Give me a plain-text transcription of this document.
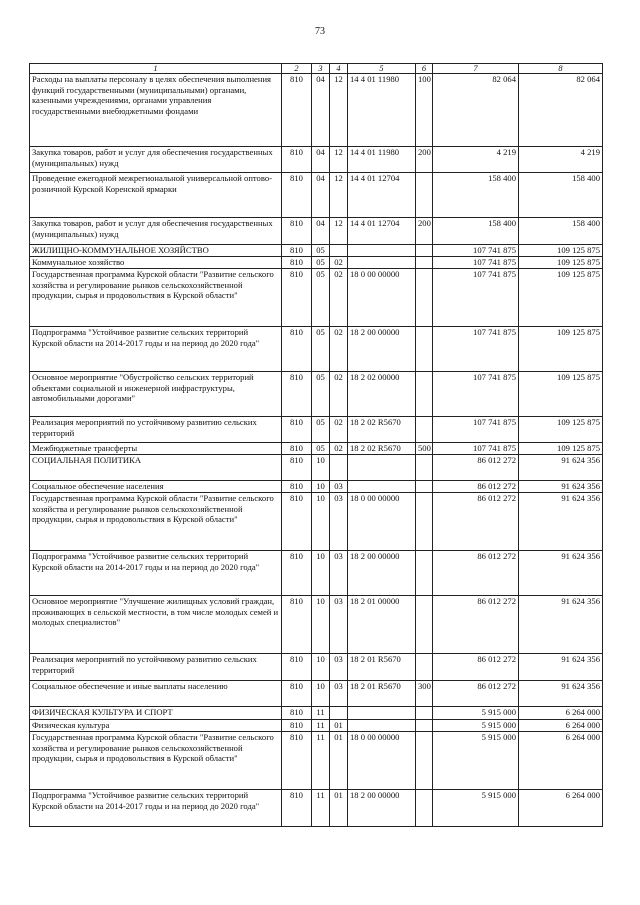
73
1	2	3	4	5	6	7	8
Расходы на выплаты персоналу в целях обеспечения выполнения функций государственными (муниципальными) органами, казенными учреждениями, органами управления государственными внебюджетными фондами	810	04	12	14 4 01 11980	100	82 064	82 064
Закупка товаров, работ и услуг для обеспечения государственных (муниципальных) нужд	810	04	12	14 4 01 11980	200	4 219	4 219
Проведение ежегодной межрегиональной универсальной оптово-розничной Курской Коренской ярмарки	810	04	12	14 4 01 12704		158 400	158 400
Закупка товаров, работ и услуг для обеспечения государственных (муниципальных) нужд	810	04	12	14 4 01 12704	200	158 400	158 400
ЖИЛИЩНО-КОММУНАЛЬНОЕ ХОЗЯЙСТВО	810	05				107 741 875	109 125 875
Коммунальное хозяйство	810	05	02			107 741 875	109 125 875
Государственная программа Курской области "Развитие сельского хозяйства и регулирование рынков сельскохозяйственной продукции, сырья и продовольствия в Курской области"	810	05	02	18 0 00 00000		107 741 875	109 125 875
Подпрограмма "Устойчивое развитие сельских территорий Курской области на 2014-2017 годы и на период до 2020 года"	810	05	02	18 2 00 00000		107 741 875	109 125 875
Основное мероприятие "Обустройство сельских территорий объектами социальной и инженерной инфраструктуры, автомобильными дорогами"	810	05	02	18 2 02 00000		107 741 875	109 125 875
Реализация мероприятий по устойчивому развитию сельских территорий	810	05	02	18 2 02 R5670		107 741 875	109 125 875
Межбюджетные трансферты	810	05	02	18 2 02 R5670	500	107 741 875	109 125 875
СОЦИАЛЬНАЯ ПОЛИТИКА	810	10				86 012 272	91 624 356
Социальное обеспечение населения	810	10	03			86 012 272	91 624 356
Государственная программа Курской области "Развитие сельского хозяйства и регулирование рынков сельскохозяйственной продукции, сырья и продовольствия в Курской области"	810	10	03	18 0 00 00000		86 012 272	91 624 356
Подпрограмма "Устойчивое развитие сельских территорий Курской области на 2014-2017 годы и на период до 2020 года"	810	10	03	18 2 00 00000		86 012 272	91 624 356
Основное мероприятие "Улучшение жилищных условий граждан, проживающих в сельской местности, в том числе молодых семей и молодых специалистов"	810	10	03	18 2 01 00000		86 012 272	91 624 356
Реализация мероприятий по устойчивому развитию сельских территорий	810	10	03	18 2 01 R5670		86 012 272	91 624 356
Социальное обеспечение и иные выплаты населению	810	10	03	18 2 01 R5670	300	86 012 272	91 624 356
ФИЗИЧЕСКАЯ КУЛЬТУРА И СПОРТ	810	11				5 915 000	6 264 000
Физическая культура	810	11	01			5 915 000	6 264 000
Государственная программа Курской области "Развитие сельского хозяйства и регулирование рынков сельскохозяйственной продукции, сырья и продовольствия в Курской области"	810	11	01	18 0 00 00000		5 915 000	6 264 000
Подпрограмма "Устойчивое развитие сельских территорий Курской области на 2014-2017 годы и на период до 2020 года"	810	11	01	18 2 00 00000		5 915 000	6 264 000
